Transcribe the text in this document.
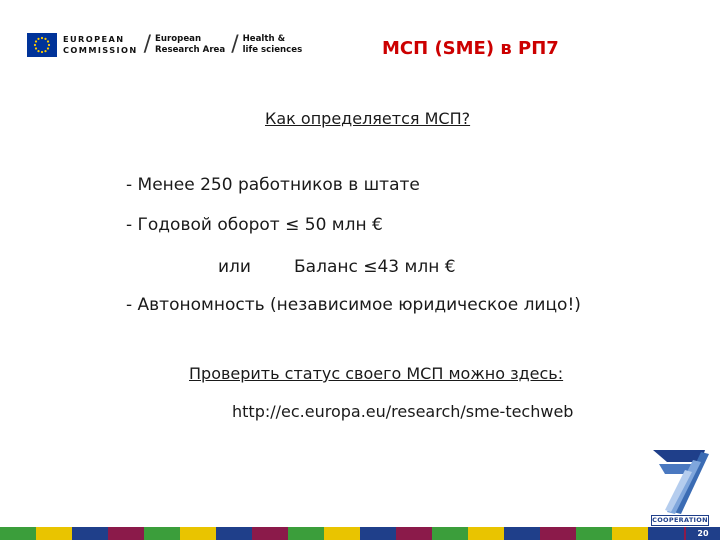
EUROPEAN
COMMISSION / European
Research Area / Health &
life sciences	МСП (SME) в РП7
Как определяется МСП?
- Менее 250 работников в штате
- Годовой оборот ≤ 50 млн €
или	Баланс ≤43 млн €
- Автономность (независимое юридическое лицо!)
Проверить статус своего МСП можно здесь:
http://ec.europa.eu/research/sme-techweb
COOPERATION
20
